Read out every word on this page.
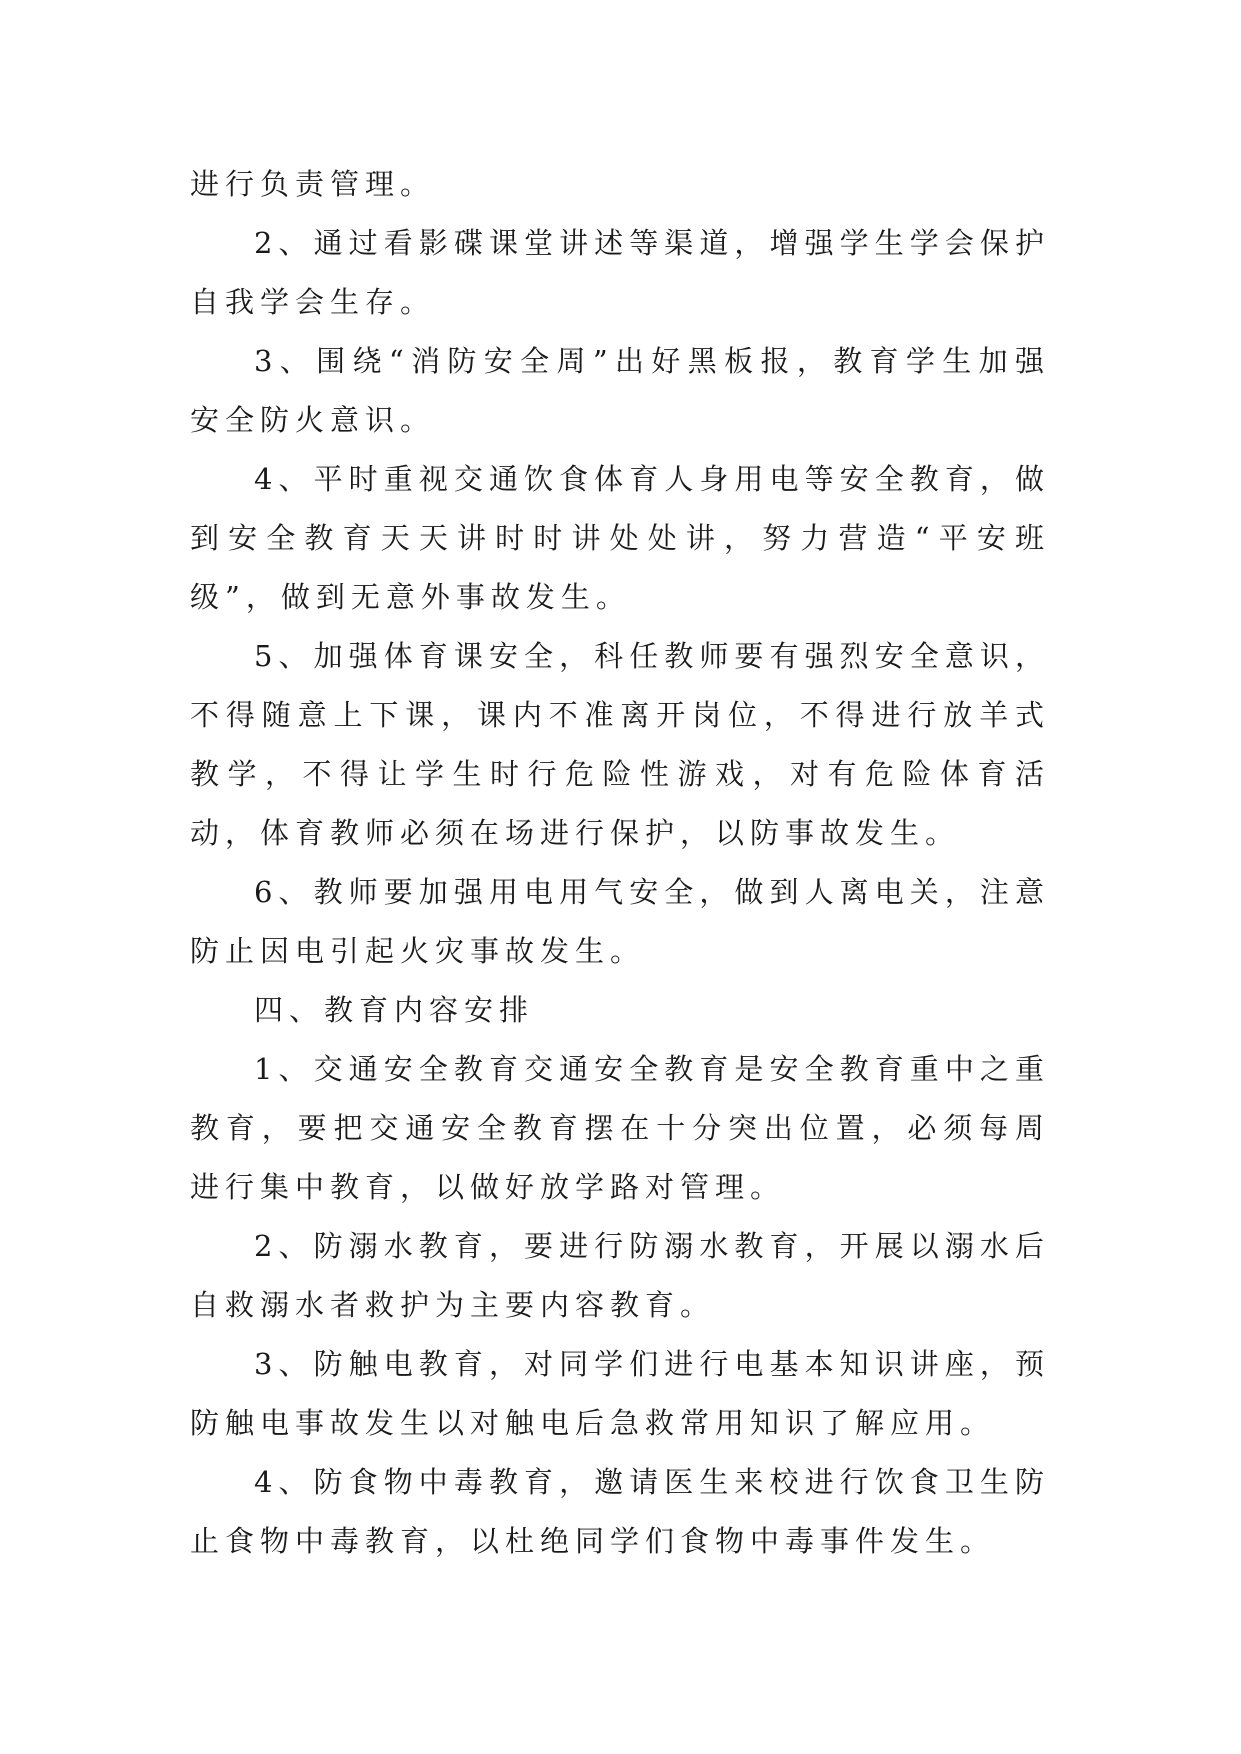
进行负责管理。

2、通过看影碟课堂讲述等渠道，增强学生学会保护自我学会生存。

3、围绕“消防安全周”出好黑板报，教育学生加强安全防火意识。

4、平时重视交通饮食体育人身用电等安全教育，做到安全教育天天讲时时讲处处讲，努力营造“平安班级”，做到无意外事故发生。

5、加强体育课安全，科任教师要有强烈安全意识，不得随意上下课，课内不准离开岗位，不得进行放羊式教学，不得让学生时行危险性游戏，对有危险体育活动，体育教师必须在场进行保护，以防事故发生。

6、教师要加强用电用气安全，做到人离电关，注意防止因电引起火灾事故发生。

四、教育内容安排

1、交通安全教育交通安全教育是安全教育重中之重教育，要把交通安全教育摆在十分突出位置，必须每周进行集中教育，以做好放学路对管理。

2、防溺水教育，要进行防溺水教育，开展以溺水后自救溺水者救护为主要内容教育。

3、防触电教育，对同学们进行电基本知识讲座，预防触电事故发生以对触电后急救常用知识了解应用。

4、防食物中毒教育，邀请医生来校进行饮食卫生防止食物中毒教育，以杜绝同学们食物中毒事件发生。
